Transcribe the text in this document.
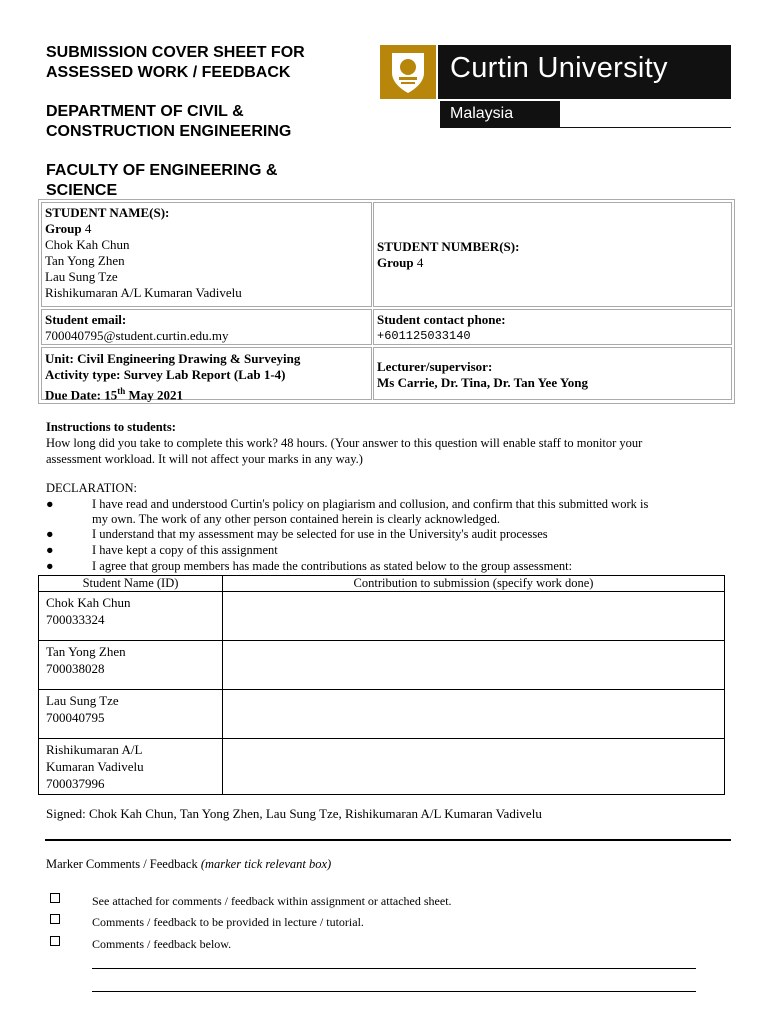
SUBMISSION COVER SHEET FOR
ASSESSED WORK / FEEDBACK
DEPARTMENT OF CIVIL &
CONSTRUCTION ENGINEERING
FACULTY OF ENGINEERING &
SCIENCE
Curtin University
Malaysia
STUDENT NAME(S):
Group 4
Chok Kah Chun
Tan Yong Zhen
Lau Sung Tze
Rishikumaran A/L Kumaran Vadivelu
STUDENT NUMBER(S):
Group 4
Student email:
700040795@student.curtin.edu.my
Student contact phone:
+601125033140
Unit: Civil Engineering Drawing & Surveying
Activity type: Survey Lab Report (Lab 1-4)
Due Date: 15th May 2021
Lecturer/supervisor:
Ms Carrie, Dr. Tina, Dr. Tan Yee Yong
Instructions to students:
How long did you take to complete this work? 48 hours. (Your answer to this question will enable staff to monitor your
assessment workload. It will not affect your marks in any way.)
DECLARATION:
●	I have read and understood Curtin's policy on plagiarism and collusion, and confirm that this submitted work is
my own. The work of any other person contained herein is clearly acknowledged.
●	I understand that my assessment may be selected for use in the University's audit processes
●	I have kept a copy of this assignment
●	I agree that group members has made the contributions as stated below to the group assessment:
Student Name (ID)	Contribution to submission (specify work done)

Chok Kah Chun
700033324	

Tan Yong Zhen
700038028	

Lau Sung Tze
700040795	

Rishikumaran A/L
Kumaran Vadivelu
700037996	

Signed: Chok Kah Chun, Tan Yong Zhen, Lau Sung Tze, Rishikumaran A/L Kumaran Vadivelu
Marker Comments / Feedback (marker tick relevant box)
See attached for comments / feedback within assignment or attached sheet.
Comments / feedback to be provided in lecture / tutorial.
Comments / feedback below.
